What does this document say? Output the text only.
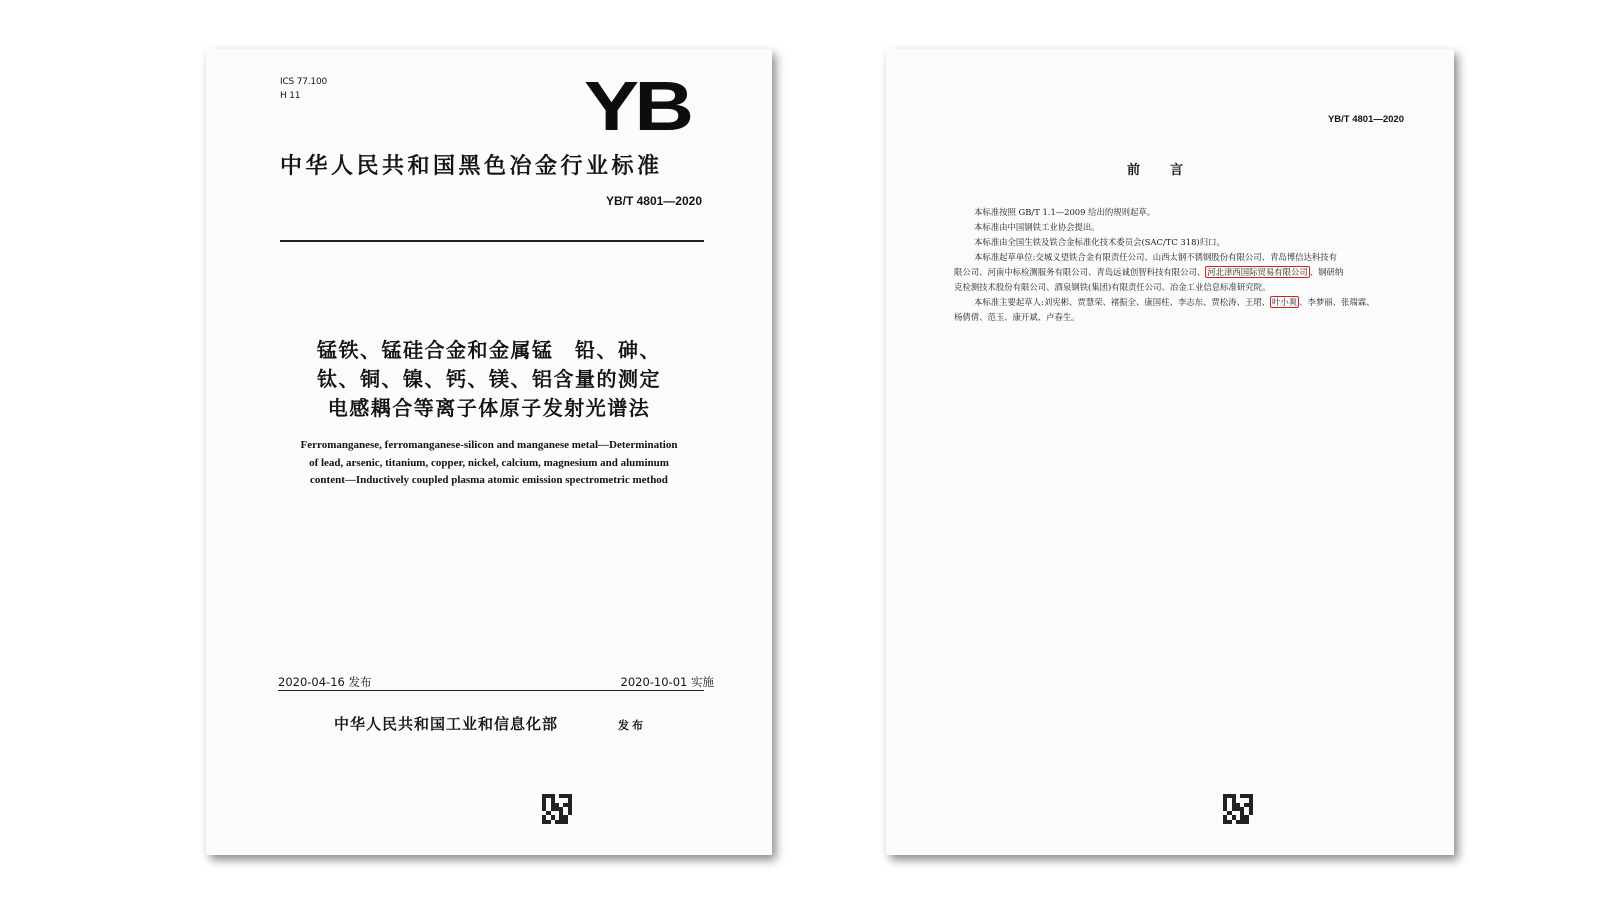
ICS 77.100
H 11	YB
中华人民共和国黑色冶金行业标准
YB/T 4801—2020
锰铁、锰硅合金和金属锰　铅、砷、
钛、铜、镍、钙、镁、铝含量的测定
电感耦合等离子体原子发射光谱法
Ferromanganese, ferromanganese-silicon and manganese metal—Determination
of lead, arsenic, titanium, copper, nickel, calcium, magnesium and aluminum
content—Inductively coupled plasma atomic emission spectrometric method
2020-04-16 发布	2020-10-01 实施
中华人民共和国工业和信息化部	发布
YB/T 4801—2020
前言
本标准按照 GB/T 1.1—2009 给出的规则起草。
本标准由中国钢铁工业协会提出。
本标准由全国生铁及铁合金标准化技术委员会(SAC/TC 318)归口。
本标准起草单位:交城义望铁合金有限责任公司、山西太钢不锈钢股份有限公司、青岛博信达科技有
限公司、河南中标检测服务有限公司、青岛远诚创智科技有限公司、 河北津西国际贸易有限公司 、钢研纳
克检测技术股份有限公司、酒泉钢铁(集团)有限责任公司、冶金工业信息标准研究院。
本标准主要起草人:刘宪彬、贾慧荣、褚振全、康国柱、李志东、贾松涛、王珺、 叶小爽 、李梦丽、张瑞霖、
杨倩倩、范玉、康开斌、卢春生。
